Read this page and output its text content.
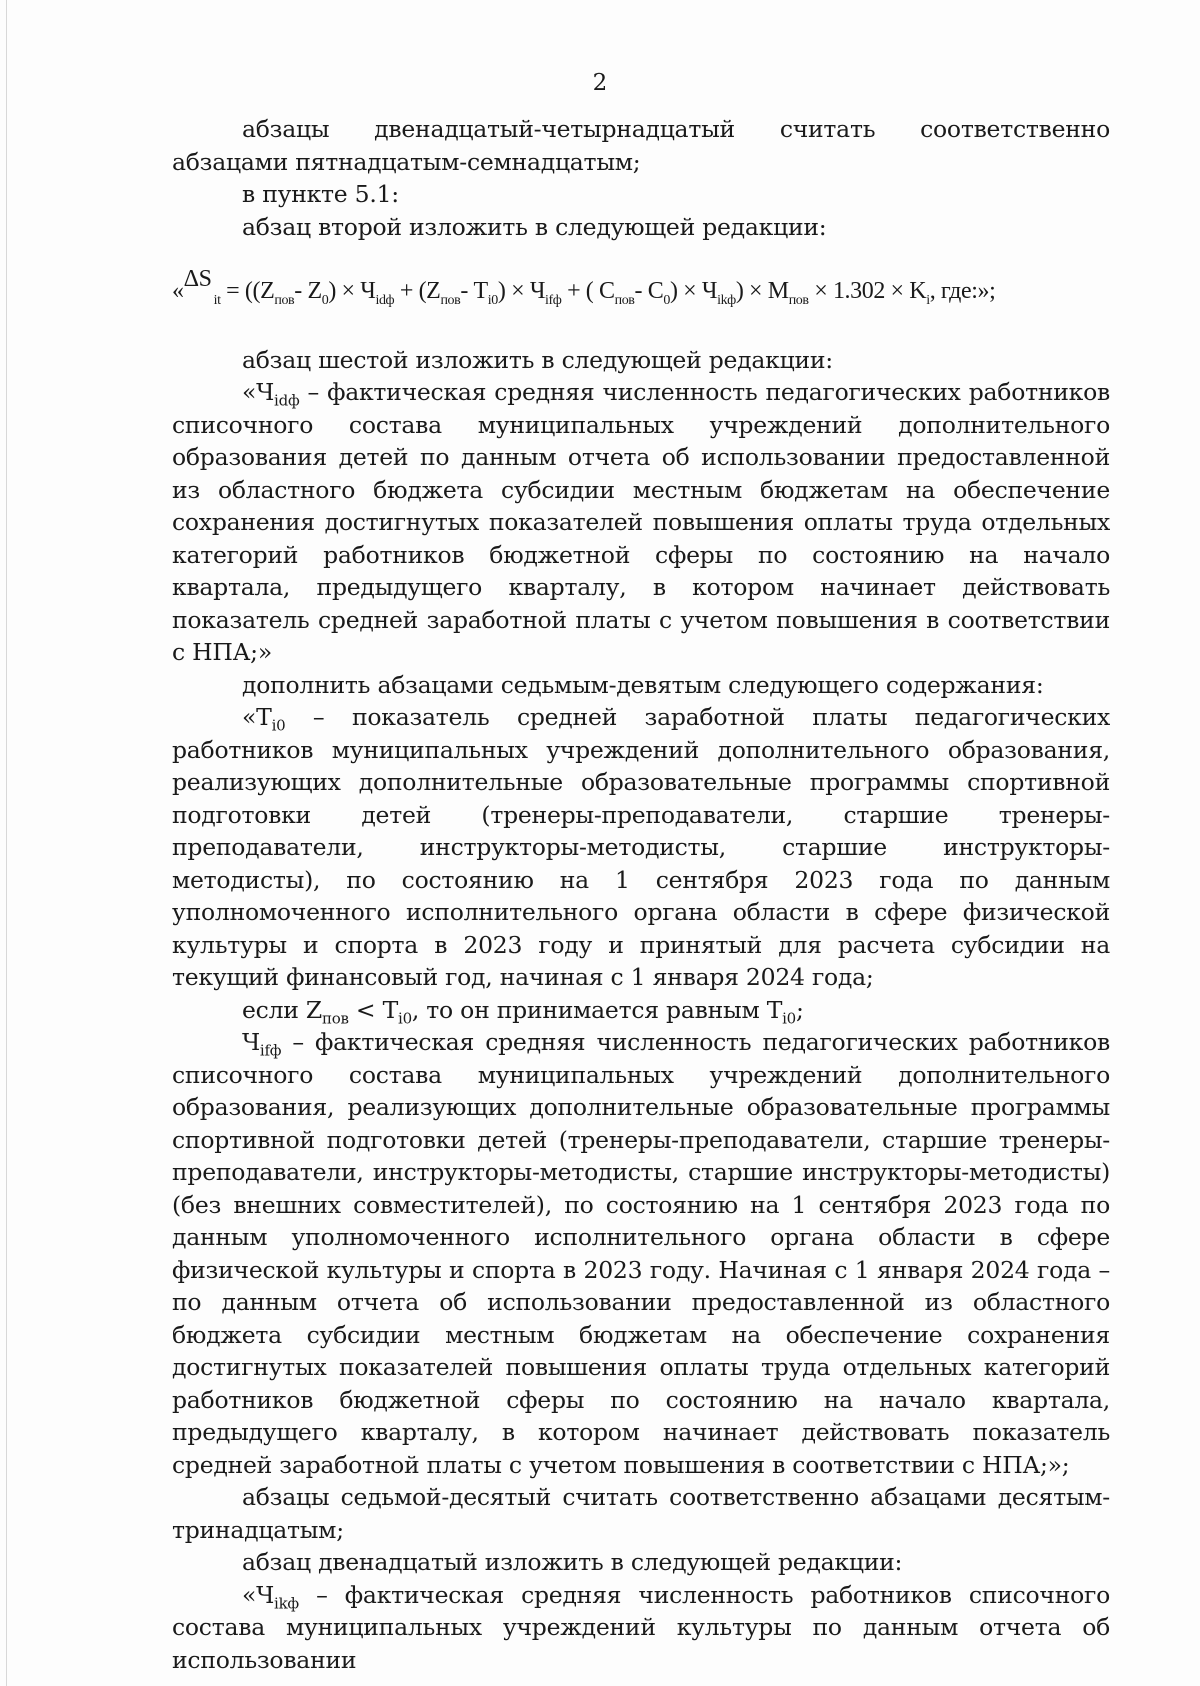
2

абзацы двенадцатый-четырнадцатый считать соответственно абзацами пятнадцатым-семнадцатым;

в пункте 5.1:

абзац второй изложить в следующей редакции:

«$\Delta S_{it} = ((Z_{пов}-$ $Z_0) \times Ч_{idф} + (Z_{пов}-$ $T_{i0}) \times Ч_{ifф}$ + ( $C_{пов}-$ $C_0) \times Ч_{ikф}) \times M_{пов} \times 1.302 \times K_i$, где:»;

абзац шестой изложить в следующей редакции:

«$Ч_{idф}$ – фактическая средняя численность педагогических работников списочного состава муниципальных учреждений дополнительного образования детей по данным отчета об использовании предоставленной из областного бюджета субсидии местным бюджетам на обеспечение сохранения достигнутых показателей повышения оплаты труда отдельных категорий работников бюджетной сферы по состоянию на начало квартала, предыдущего кварталу, в котором начинает действовать показатель средней заработной платы с учетом повышения в соответствии с НПА;»

дополнить абзацами седьмым-девятым следующего содержания:

«$T_{i0}$ – показатель средней заработной платы педагогических работников муниципальных учреждений дополнительного образования, реализующих дополнительные образовательные программы спортивной подготовки детей (тренеры-преподаватели, старшие тренеры-преподаватели, инструкторы-методисты, старшие инструкторы-методисты), по состоянию на 1 сентября 2023 года по данным уполномоченного исполнительного органа области в сфере физической культуры и спорта в 2023 году и принятый для расчета субсидии на текущий финансовый год, начиная с 1 января 2024 года;

если $Z_{пов} < T_{i0}$, то он принимается равным $T_{i0}$;

$Ч_{ifф}$ – фактическая средняя численность педагогических работников списочного состава муниципальных учреждений дополнительного образования, реализующих дополнительные образовательные программы спортивной подготовки детей (тренеры-преподаватели, старшие тренеры-преподаватели, инструкторы-методисты, старшие инструкторы-методисты) (без внешних совместителей), по состоянию на 1 сентября 2023 года по данным уполномоченного исполнительного органа области в сфере физической культуры и спорта в 2023 году. Начиная с 1 января 2024 года – по данным отчета об использовании предоставленной из областного бюджета субсидии местным бюджетам на обеспечение сохранения достигнутых показателей повышения оплаты труда отдельных категорий работников бюджетной сферы по состоянию на начало квартала, предыдущего кварталу, в котором начинает действовать показатель средней заработной платы с учетом повышения в соответствии с НПА;»;

абзацы седьмой-десятый считать соответственно абзацами десятым-тринадцатым;

абзац двенадцатый изложить в следующей редакции:

«$Ч_{ikф}$ – фактическая средняя численность работников списочного состава муниципальных учреждений культуры по данным отчета об использовании
